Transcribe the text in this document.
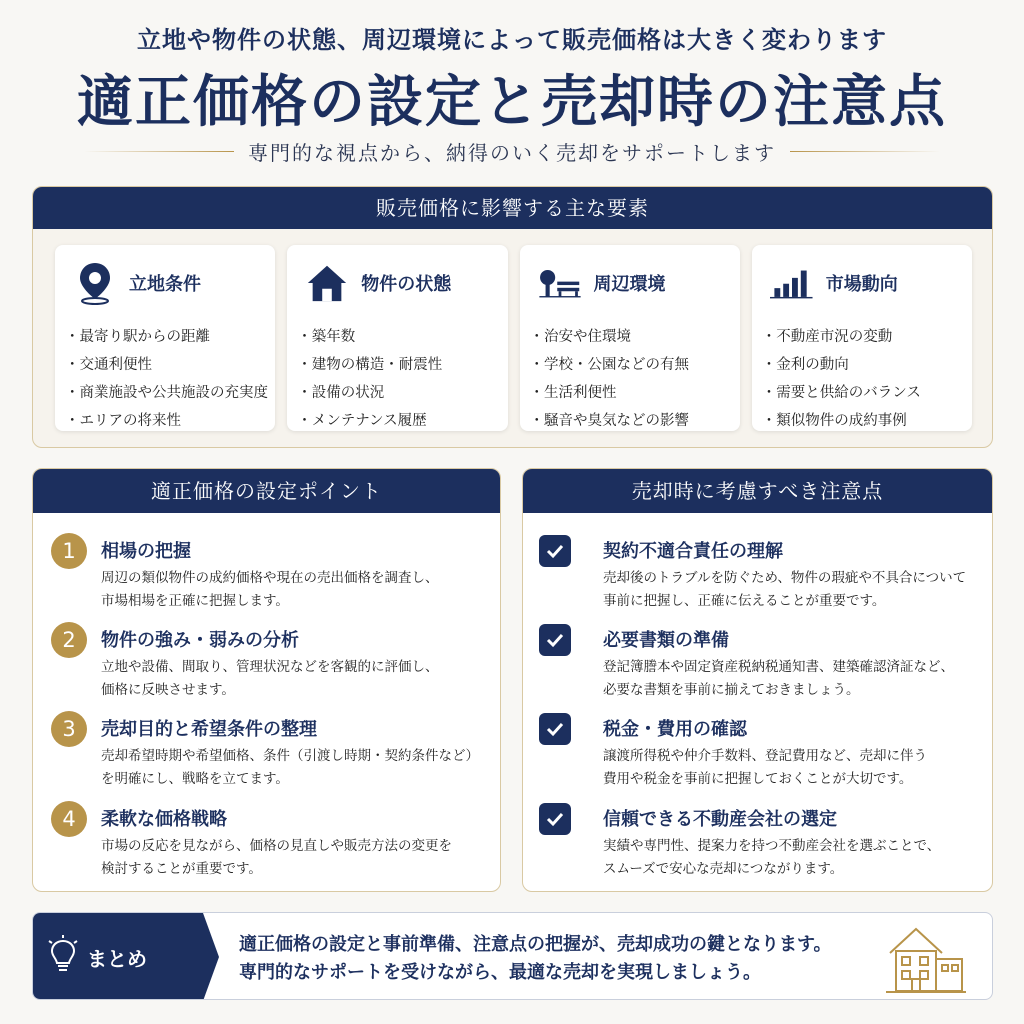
立地や物件の状態、周辺環境によって販売価格は大きく変わります
適正価格の設定と売却時の注意点
専門的な視点から、納得のいく売却をサポートします
販売価格に影響する主な要素
立地条件
・ 最寄り駅からの距離
・ 交通利便性
・ 商業施設や公共施設の充実度
・ エリアの将来性
物件の状態
・ 築年数
・ 建物の構造・耐震性
・ 設備の状況
・ メンテナンス履歴
周辺環境
・ 治安や住環境
・ 学校・公園などの有無
・ 生活利便性
・ 騒音や臭気などの影響
市場動向
・ 不動産市況の変動
・ 金利の動向
・ 需要と供給のバランス
・ 類似物件の成約事例
適正価格の設定ポイント
1	相場の把握
周辺の類似物件の成約価格や現在の売出価格を調査し、
市場相場を正確に把握します。
2	物件の強み・弱みの分析
立地や設備、間取り、管理状況などを客観的に評価し、
価格に反映させます。
3	売却目的と希望条件の整理
売却希望時期や希望価格、条件（引渡し時期・契約条件など）
を明確にし、戦略を立てます。
4	柔軟な価格戦略
市場の反応を見ながら、価格の見直しや販売方法の変更を
検討することが重要です。
売却時に考慮すべき注意点
契約不適合責任の理解
売却後のトラブルを防ぐため、物件の瑕疵や不具合について
事前に把握し、正確に伝えることが重要です。
必要書類の準備
登記簿謄本や固定資産税納税通知書、建築確認済証など、
必要な書類を事前に揃えておきましょう。
税金・費用の確認
譲渡所得税や仲介手数料、登記費用など、売却に伴う
費用や税金を事前に把握しておくことが大切です。
信頼できる不動産会社の選定
実績や専門性、提案力を持つ不動産会社を選ぶことで、
スムーズで安心な売却につながります。
まとめ
適正価格の設定と事前準備、注意点の把握が、売却成功の鍵となります。
専門的なサポートを受けながら、最適な売却を実現しましょう。
